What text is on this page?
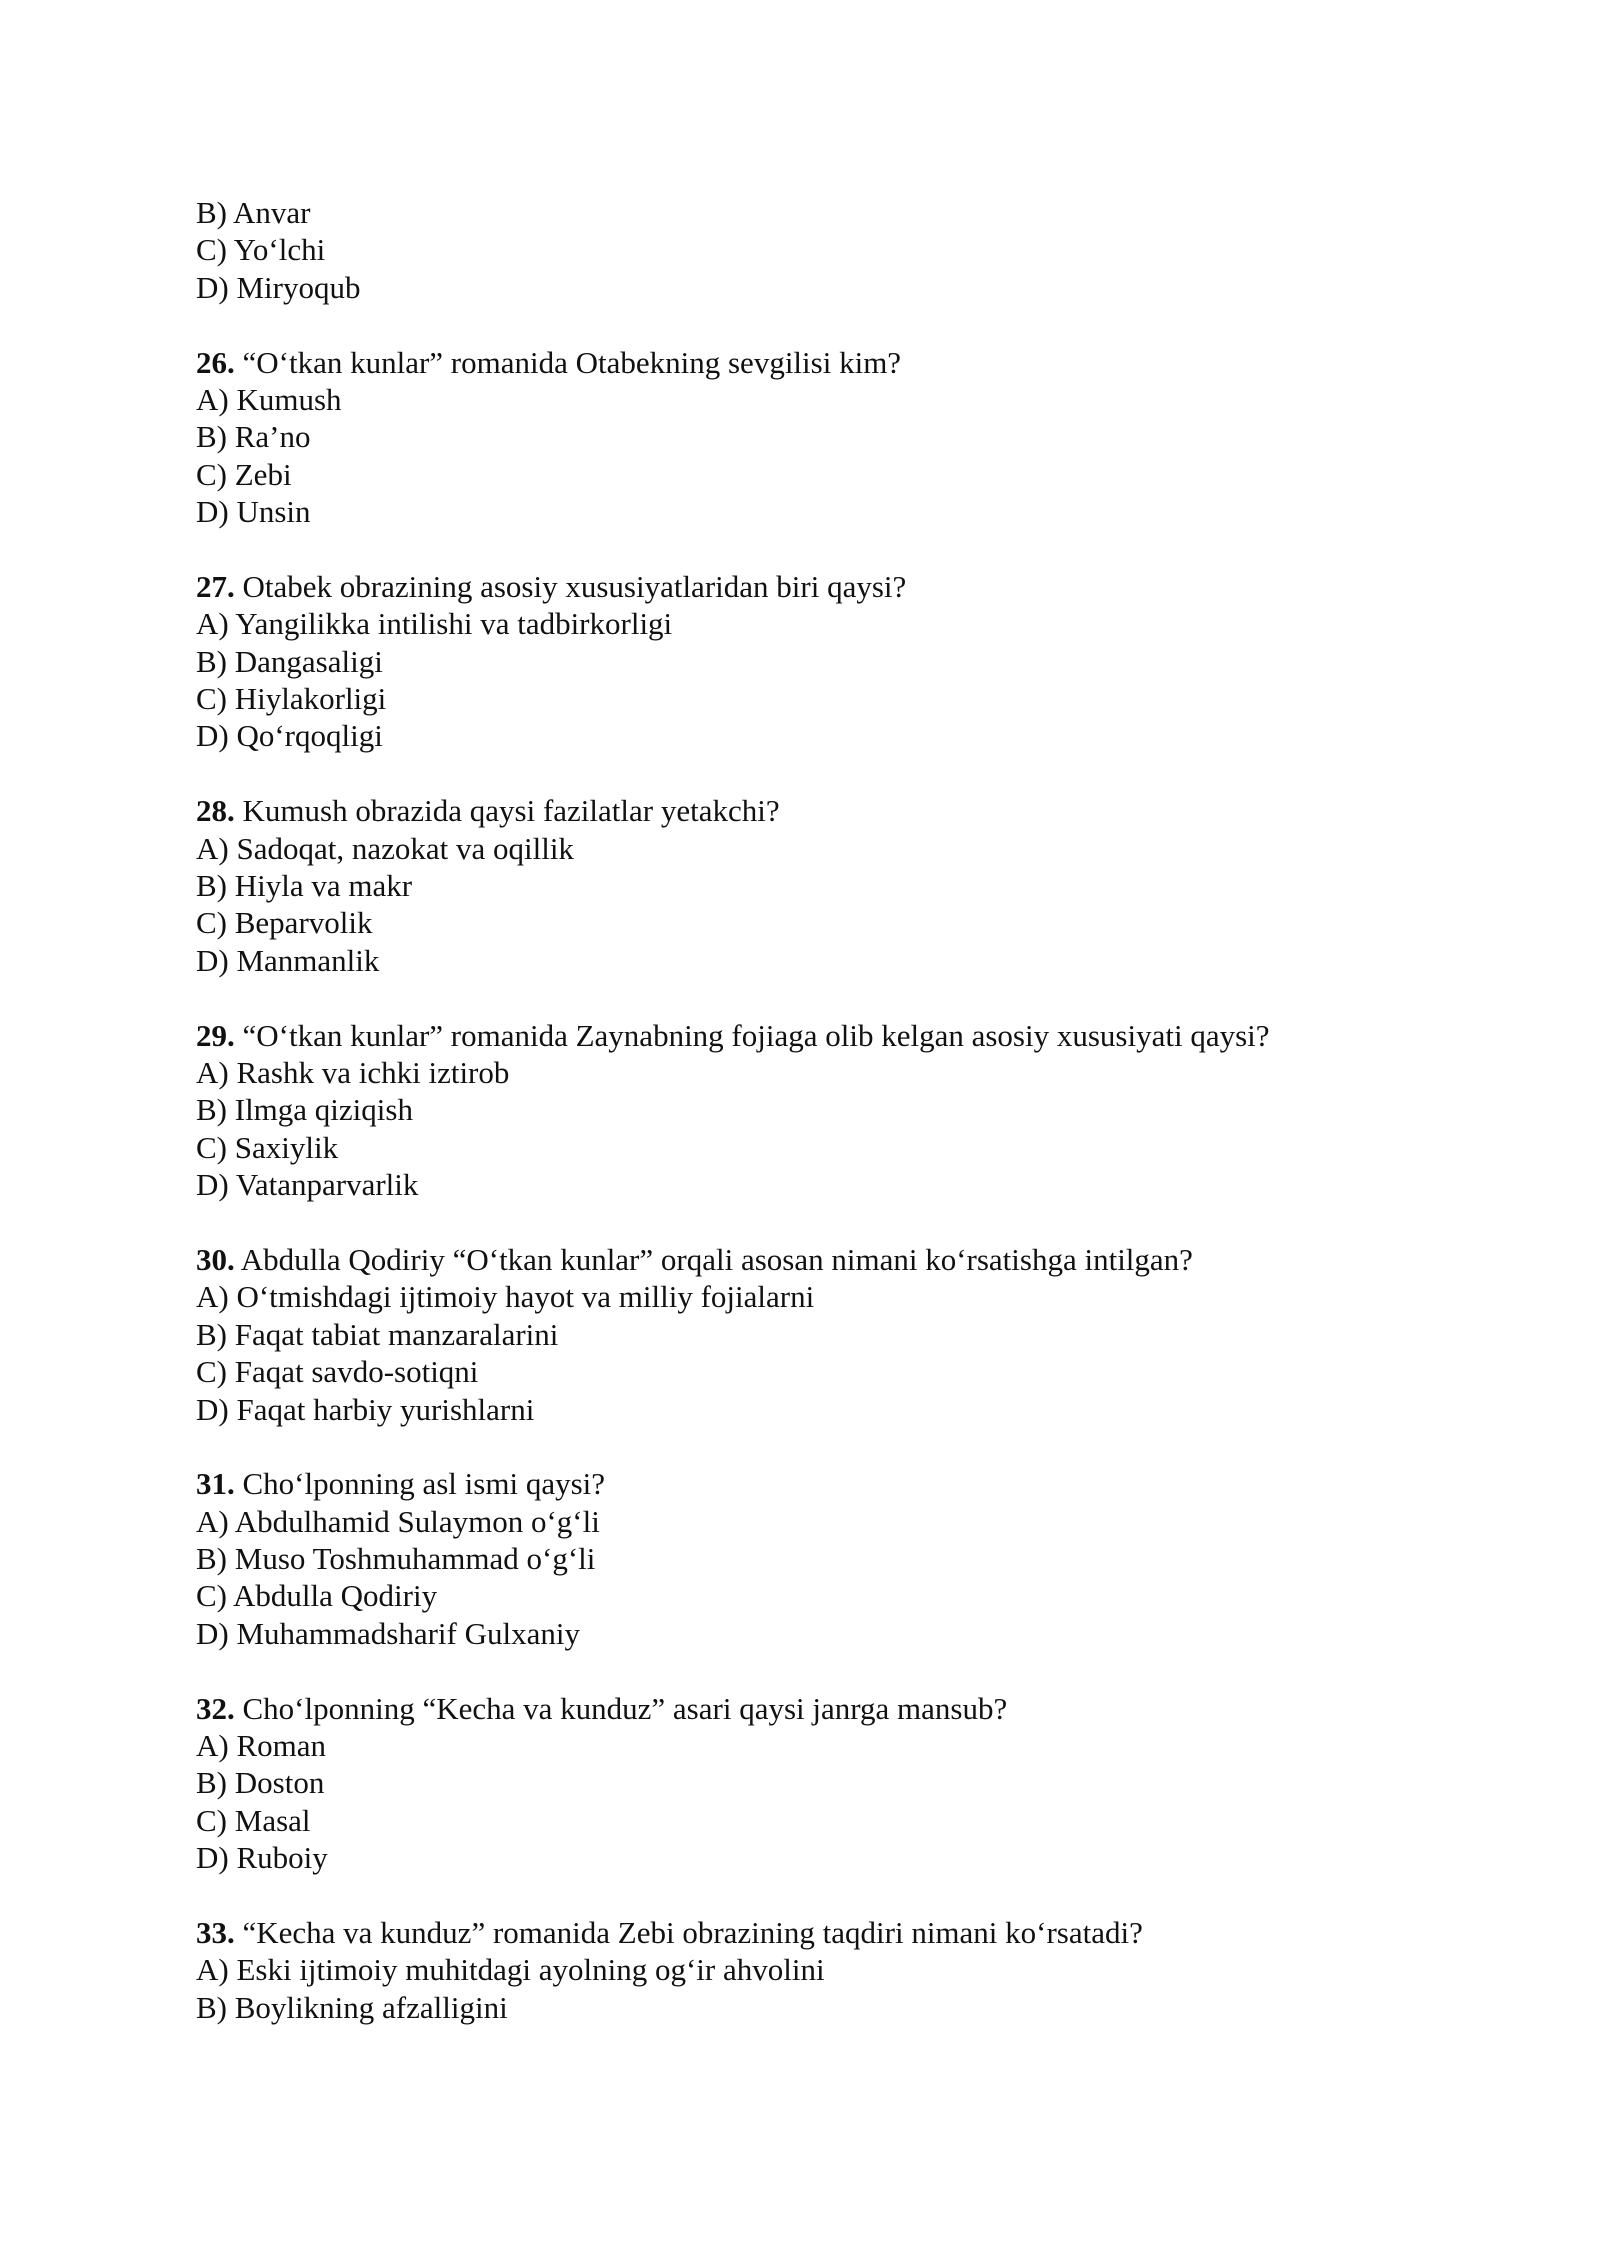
B) Anvar
C) Yo‘lchi
D) Miryoqub
26. “O‘tkan kunlar” romanida Otabekning sevgilisi kim?
A) Kumush
B) Ra’no
C) Zebi
D) Unsin
27. Otabek obrazining asosiy xususiyatlaridan biri qaysi?
A) Yangilikka intilishi va tadbirkorligi
B) Dangasaligi
C) Hiylakorligi
D) Qo‘rqoqligi
28. Kumush obrazida qaysi fazilatlar yetakchi?
A) Sadoqat, nazokat va oqillik
B) Hiyla va makr
C) Beparvolik
D) Manmanlik
29. “O‘tkan kunlar” romanida Zaynabning fojiaga olib kelgan asosiy xususiyati qaysi?
A) Rashk va ichki iztirob
B) Ilmga qiziqish
C) Saxiylik
D) Vatanparvarlik
30. Abdulla Qodiriy “O‘tkan kunlar” orqali asosan nimani ko‘rsatishga intilgan?
A) O‘tmishdagi ijtimoiy hayot va milliy fojialarni
B) Faqat tabiat manzaralarini
C) Faqat savdo-sotiqni
D) Faqat harbiy yurishlarni
31. Cho‘lponning asl ismi qaysi?
A) Abdulhamid Sulaymon o‘g‘li
B) Muso Toshmuhammad o‘g‘li
C) Abdulla Qodiriy
D) Muhammadsharif Gulxaniy
32. Cho‘lponning “Kecha va kunduz” asari qaysi janrga mansub?
A) Roman
B) Doston
C) Masal
D) Ruboiy
33. “Kecha va kunduz” romanida Zebi obrazining taqdiri nimani ko‘rsatadi?
A) Eski ijtimoiy muhitdagi ayolning og‘ir ahvolini
B) Boylikning afzalligini
